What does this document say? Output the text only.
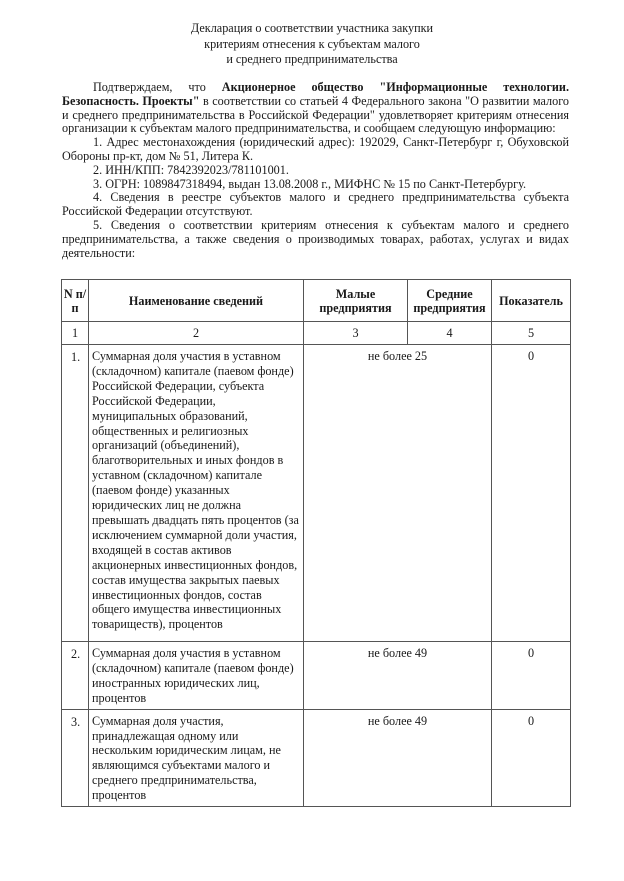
Декларация о соответствии участника закупки
критериям отнесения к субъектам малого
и среднего предпринимательства

Подтверждаем, что Акционерное общество "Информационные технологии. Безопасность. Проекты" в соответствии со статьей 4 Федерального закона "О развитии малого и среднего предпринимательства в Российской Федерации" удовлетворяет критериям отнесения организации к субъектам малого предпринимательства, и сообщаем следующую информацию:

1. Адрес местонахождения (юридический адрес): 192029, Санкт-Петербург г, Обуховской Обороны пр-кт, дом № 51, Литера К.

2. ИНН/КПП: 7842392023/781101001.

3. ОГРН: 1089847318494, выдан 13.08.2008 г., МИФНС № 15 по Санкт-Петербургу.

4. Сведения в реестре субъектов малого и среднего предпринимательства субъекта Российской Федерации отсутствуют.

5. Сведения о соответствии критериям отнесения к субъектам малого и среднего предпринимательства, а также сведения о производимых товарах, работах, услугах и видах деятельности:

N п/п	Наименование сведений	Малые предприятия	Средние предприятия	Показатель
1	2	3	4	5
1.	Суммарная доля участия в уставном (складочном) капитале (паевом фонде) Российской Федерации, субъекта Российской Федерации, муниципальных образований, общественных и религиозных организаций (объединений), благотворительных и иных фондов в уставном (складочном) капитале (паевом фонде) указанных юридических лиц не должна превышать двадцать пять процентов (за исключением суммарной доли участия, входящей в состав активов акционерных инвестиционных фондов, состав имущества закрытых паевых инвестиционных фондов, состав общего имущества инвестиционных товариществ), процентов	не более 25		0
2.	Суммарная доля участия в уставном (складочном) капитале (паевом фонде) иностранных юридических лиц, процентов	не более 49		0
3.	Суммарная доля участия, принадлежащая одному или нескольким юридическим лицам, не являющимся субъектами малого и среднего предпринимательства, процентов	не более 49		0
